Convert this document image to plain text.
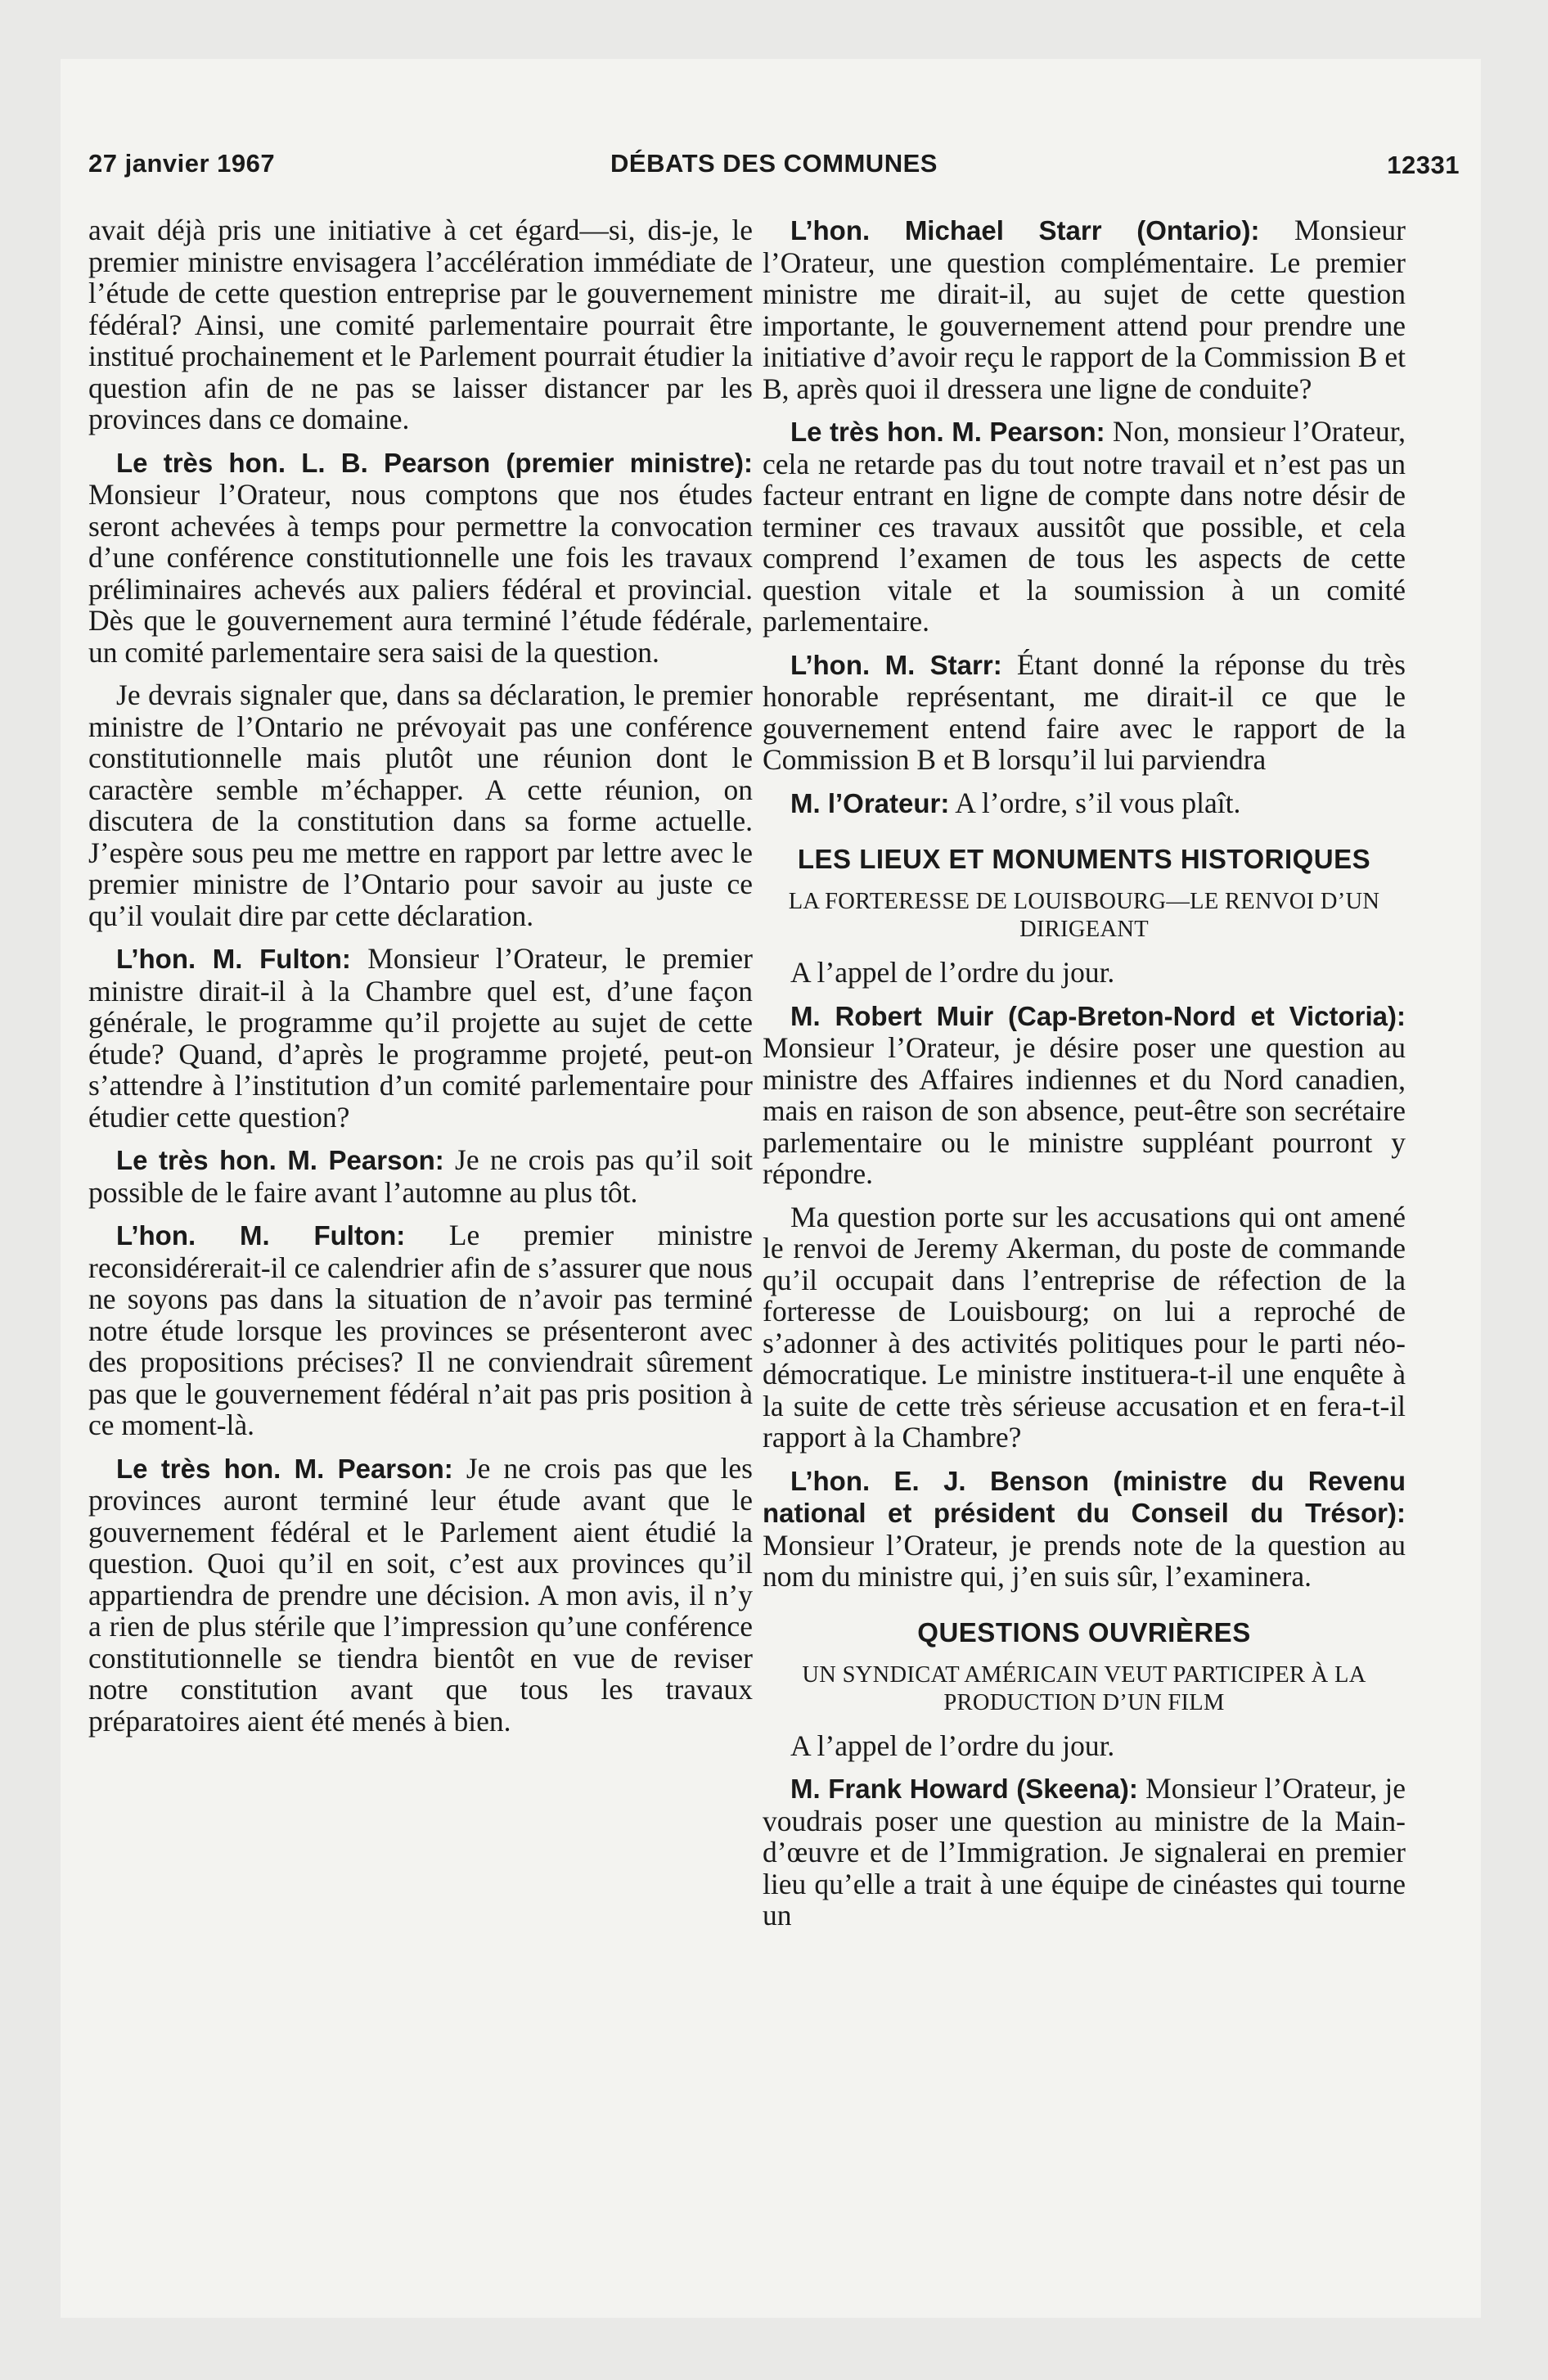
27 janvier 1967	DÉBATS DES COMMUNES	12331

avait déjà pris une initiative à cet égard—si, dis-je, le premier ministre envisagera l’accélération immédiate de l’étude de cette question entreprise par le gouvernement fédéral? Ainsi, une comité parlementaire pourrait être institué prochainement et le Parlement pourrait étudier la question afin de ne pas se laisser distancer par les provinces dans ce domaine.

Le très hon. L. B. Pearson (premier ministre): Monsieur l’Orateur, nous comptons que nos études seront achevées à temps pour permettre la convocation d’une conférence constitutionnelle une fois les travaux préliminaires achevés aux paliers fédéral et provincial. Dès que le gouvernement aura terminé l’étude fédérale, un comité parlementaire sera saisi de la question.

Je devrais signaler que, dans sa déclaration, le premier ministre de l’Ontario ne prévoyait pas une conférence constitutionnelle mais plutôt une réunion dont le caractère semble m’échapper. A cette réunion, on discutera de la constitution dans sa forme actuelle. J’espère sous peu me mettre en rapport par lettre avec le premier ministre de l’Ontario pour savoir au juste ce qu’il voulait dire par cette déclaration.

L’hon. M. Fulton: Monsieur l’Orateur, le premier ministre dirait-il à la Chambre quel est, d’une façon générale, le programme qu’il projette au sujet de cette étude? Quand, d’après le programme projeté, peut-on s’attendre à l’institution d’un comité parlementaire pour étudier cette question?

Le très hon. M. Pearson: Je ne crois pas qu’il soit possible de le faire avant l’automne au plus tôt.

L’hon. M. Fulton: Le premier ministre reconsidérerait-il ce calendrier afin de s’assurer que nous ne soyons pas dans la situation de n’avoir pas terminé notre étude lorsque les provinces se présenteront avec des propositions précises? Il ne conviendrait sûrement pas que le gouvernement fédéral n’ait pas pris position à ce moment-là.

Le très hon. M. Pearson: Je ne crois pas que les provinces auront terminé leur étude avant que le gouvernement fédéral et le Parlement aient étudié la question. Quoi qu’il en soit, c’est aux provinces qu’il appartiendra de prendre une décision. A mon avis, il n’y a rien de plus stérile que l’impression qu’une conférence constitutionnelle se tiendra bientôt en vue de reviser notre constitution avant que tous les travaux préparatoires aient été menés à bien.

L’hon. Michael Starr (Ontario): Monsieur l’Orateur, une question complémentaire. Le premier ministre me dirait-il, au sujet de cette question importante, le gouvernement attend pour prendre une initiative d’avoir reçu le rapport de la Commission B et B, après quoi il dressera une ligne de conduite?

Le très hon. M. Pearson: Non, monsieur l’Orateur, cela ne retarde pas du tout notre travail et n’est pas un facteur entrant en ligne de compte dans notre désir de terminer ces travaux aussitôt que possible, et cela comprend l’examen de tous les aspects de cette question vitale et la soumission à un comité parlementaire.

L’hon. M. Starr: Étant donné la réponse du très honorable représentant, me dirait-il ce que le gouvernement entend faire avec le rapport de la Commission B et B lorsqu’il lui parviendra

M. l’Orateur: A l’ordre, s’il vous plaît.

LES LIEUX ET MONUMENTS HISTORIQUES
LA FORTERESSE DE LOUISBOURG—LE RENVOI D’UN DIRIGEANT

A l’appel de l’ordre du jour.

M. Robert Muir (Cap-Breton-Nord et Victoria): Monsieur l’Orateur, je désire poser une question au ministre des Affaires indiennes et du Nord canadien, mais en raison de son absence, peut-être son secrétaire parlementaire ou le ministre suppléant pourront y répondre.

Ma question porte sur les accusations qui ont amené le renvoi de Jeremy Akerman, du poste de commande qu’il occupait dans l’entreprise de réfection de la forteresse de Louisbourg; on lui a reproché de s’adonner à des activités politiques pour le parti néo-démocratique. Le ministre instituera-t-il une enquête à la suite de cette très sérieuse accusation et en fera-t-il rapport à la Chambre?

L’hon. E. J. Benson (ministre du Revenu national et président du Conseil du Trésor): Monsieur l’Orateur, je prends note de la question au nom du ministre qui, j’en suis sûr, l’examinera.

QUESTIONS OUVRIÈRES
UN SYNDICAT AMÉRICAIN VEUT PARTICIPER À LA PRODUCTION D’UN FILM

A l’appel de l’ordre du jour.

M. Frank Howard (Skeena): Monsieur l’Orateur, je voudrais poser une question au ministre de la Main-d’œuvre et de l’Immigration. Je signalerai en premier lieu qu’elle a trait à une équipe de cinéastes qui tourne un
